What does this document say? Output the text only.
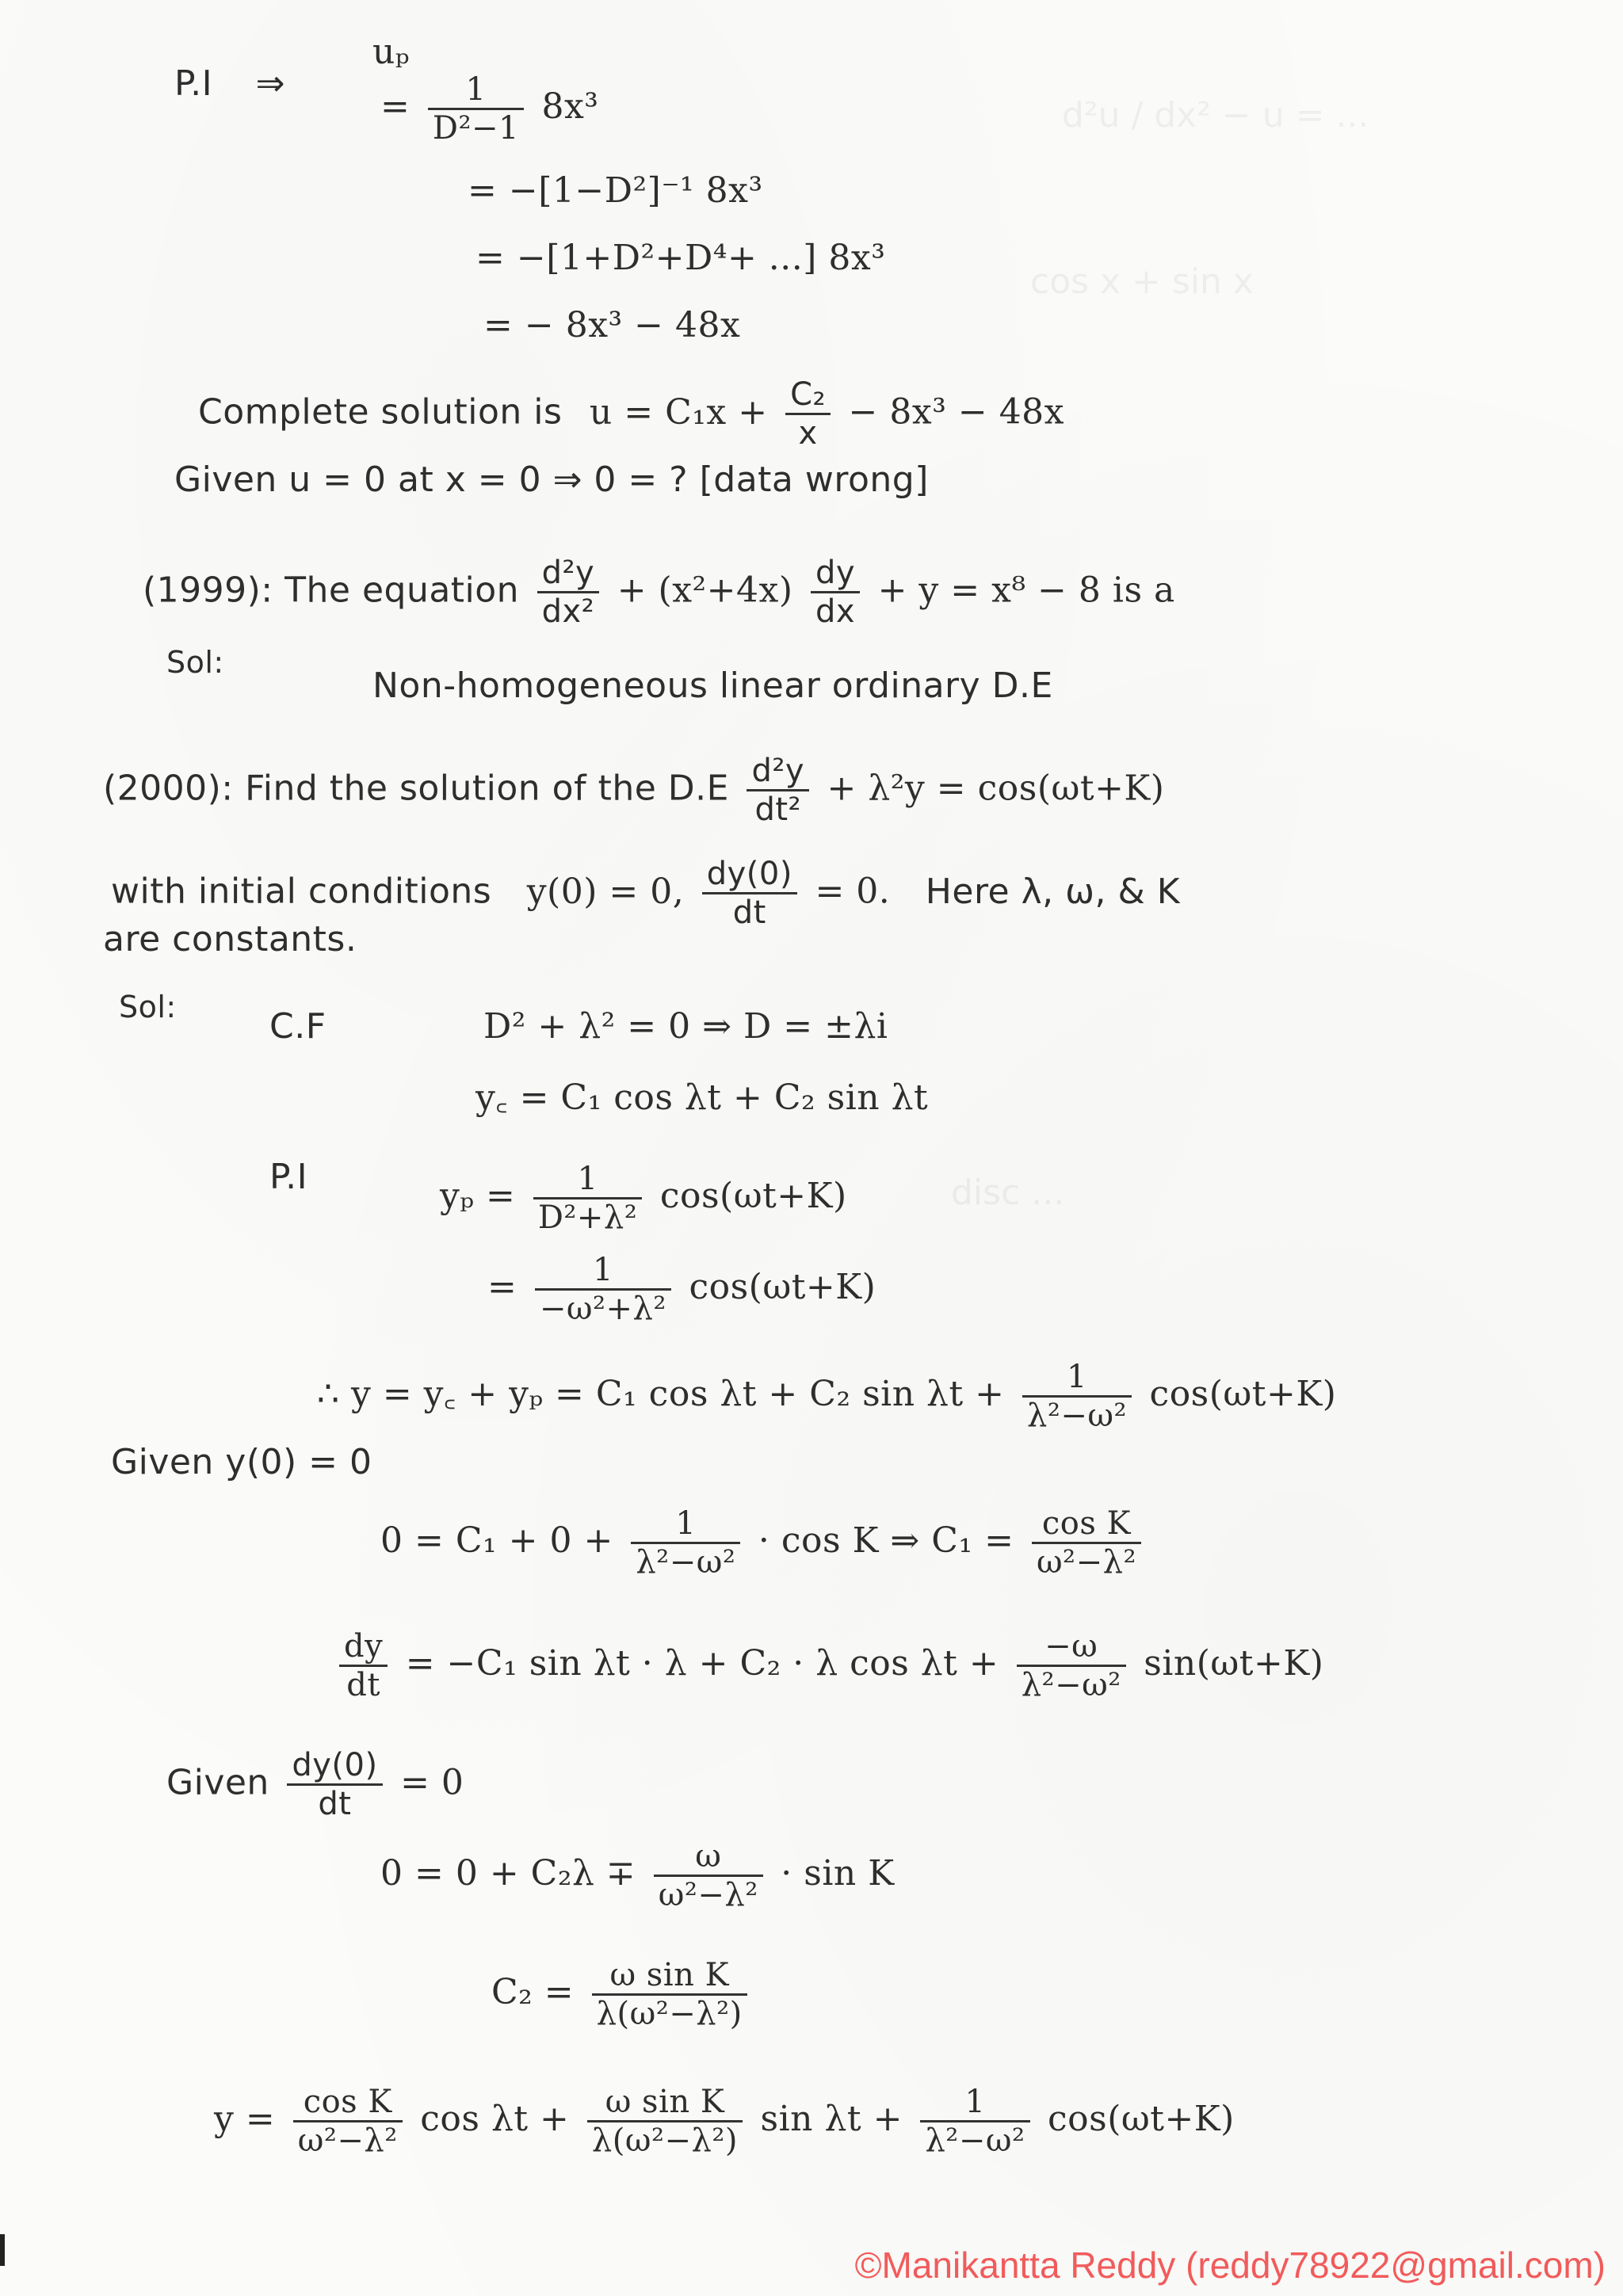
d²u / dx² − u = ...
cos x + sin x
disc ...
P.I ⇒
uₚ
= $\frac{1}{\text{D²−1}} 8x^3$
= −[1−D²]⁻¹ 8x³
= −[1+D²+D⁴+ ...] 8x³
= − 8x³ − 48x
Complete solution is $u = C_1x + \frac{\text{C₂}}{x} - 8x^3 - 48x$
Given u = 0 at x = 0 ⇒ 0 = ? [data wrong]
(1999): The equation $\frac{\text{d²y}}{\text{dx²}} + (x^2+4x) \frac{dy}{dx} + y = x^8 - 8$ is a
Sol:
Non-homogeneous linear ordinary D.E
(2000): Find the solution of the $D.E \frac{\text{d²y}}{\text{dt²}} + \lambda^2y = \cos(\omega t+K)$
with initial conditions y(0) = 0, $\frac{dy(0)}{dt} = 0$. Here λ, ω, & K
are constants.
Sol:	C.F	D² + λ² = 0 ⇒ D = ±λi
y꜀ = C₁ cos λt + C₂ sin λt
P.I	$y_p = \frac{1}{\text{D²+λ²}} \cos(\omega t+K)$
= $\frac{1}{\text{−ω²+λ²}} \cos(\omega t+K)$
∴ y = y꜀ + yₚ = C₁ cos λt + C₂ $\sin \lambda t + \frac{1}{\text{λ²−ω²}} \cos(\omega t+K)$
Given y(0) = 0
$0 = C_1 + 0 + \frac{1}{\text{λ²−ω²}} \cdot \cos K$ ⇒ $C_1 = \frac{\text{cos K}}{\text{ω²−λ²}}$
$\frac{dy}{dt} = -C_1$ sin λt · λ + C₂ · λ $\cos \lambda t + \frac{-\omega}{\text{λ²−ω²}} \sin(\omega t+K)$
Given $\frac{dy(0)}{dt} = 0$
$0 = 0 + C_2\lambda \mp \frac{\omega}{\text{ω²−λ²}} \cdot \sin K$
$C_2 = \frac{\text{ω sin K}}{\text{λ(ω²−λ²)}}$
$y = \frac{\text{cos K}}{\text{ω²−λ²}}$ $\cos \lambda t + \frac{\text{ω sin K}}{\text{λ(ω²−λ²)}}$ $\sin \lambda t + \frac{1}{\text{λ²−ω²}} \cos(\omega t+K)$
©Manikantta Reddy (reddy78922@gmail.com)
